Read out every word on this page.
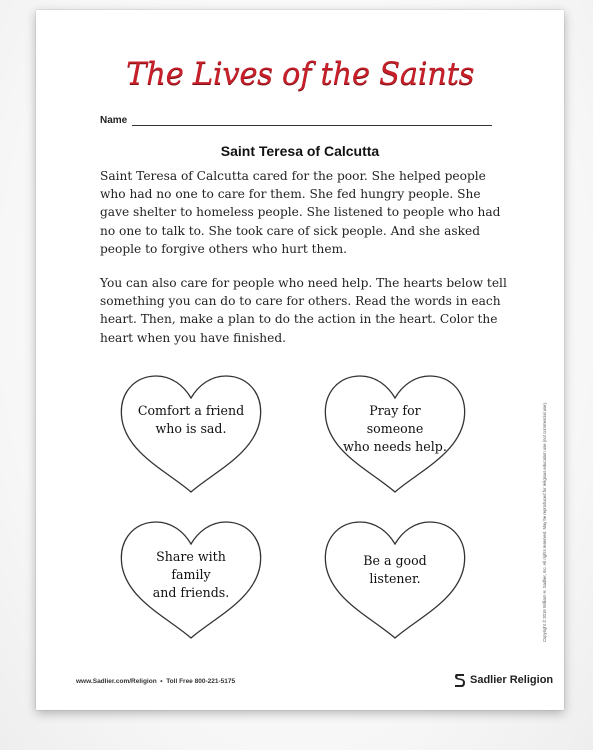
The Lives of the Saints
Name
Saint Teresa of Calcutta
Saint Teresa of Calcutta cared for the poor. She helped people who had no one to care for them. She fed hungry people. She gave shelter to homeless people. She listened to people who had no one to talk to. She took care of sick people. And she asked people to forgive others who hurt them.
You can also care for people who need help. The hearts below tell something you can do to care for others. Read the words in each heart. Then, make a plan to do the action in the heart. Color the heart when you have finished.
Comfort a friend
who is sad.
Pray for someone
who needs help.
Share with family
and friends.
Be a good listener.
www.Sadlier.com/Religion  •  Toll Free 800-221-5175	Sadlier Religion
Copyright © 2016 William H. Sadlier, Inc. All rights reserved. May be reproduced for religious education use (not commercial use).
